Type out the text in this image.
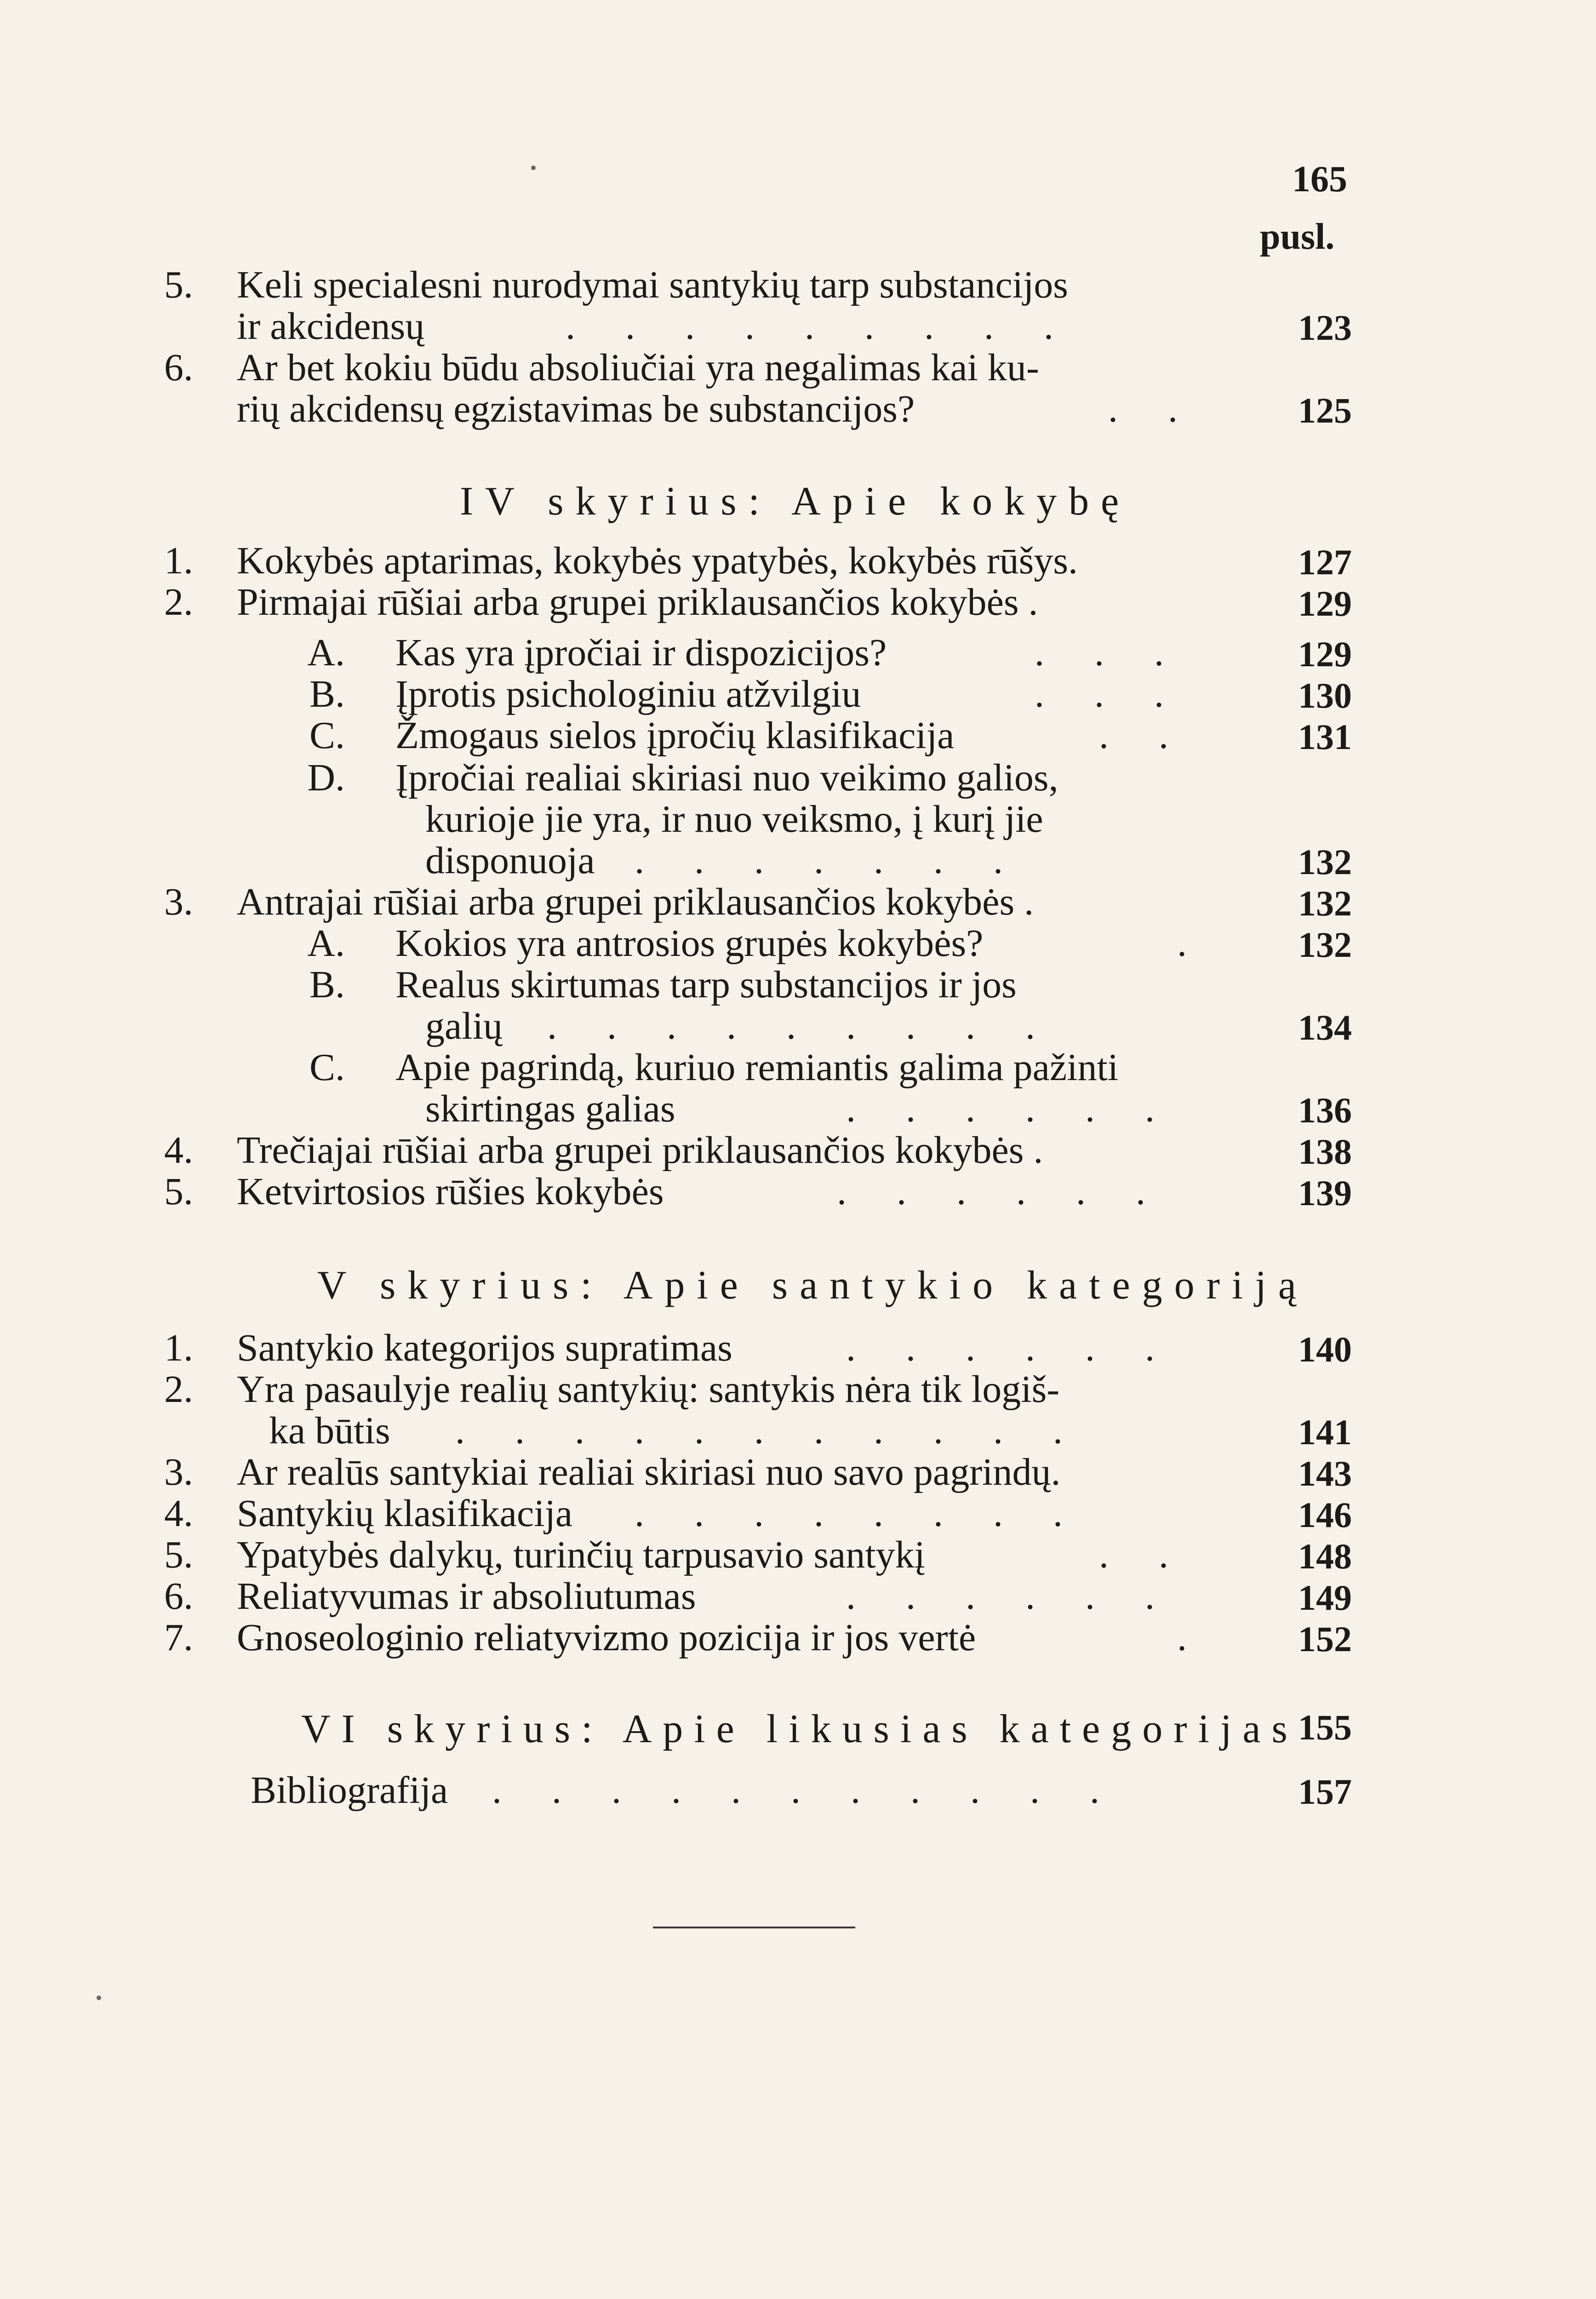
165
pusl.
5. Keli specialesni nurodymai santykių tarp substancijos
ir akcidensų	. . . . . . . . .	123
6. Ar bet kokiu būdu absoliučiai yra negalimas kai ku-
rių akcidensų egzistavimas be substancijos?	. .	125
IV skyrius: Apie kokybę
1. Kokybės aptarimas, kokybės ypatybės, kokybės rūšys.	127
2. Pirmajai rūšiai arba grupei priklausančios kokybės .	129
A. Kas yra įpročiai ir dispozicijos?	. . .	129
B. Įprotis psichologiniu atžvilgiu	. . .	130
C. Žmogaus sielos įpročių klasifikacija	. .	131
D. Įpročiai realiai skiriasi nuo veikimo galios,
kurioje jie yra, ir nuo veiksmo, į kurį jie
disponuoja . . . . . . .	132
3. Antrajai rūšiai arba grupei priklausančios kokybės .	132
A. Kokios yra antrosios grupės kokybės?	.	132
B. Realus skirtumas tarp substancijos ir jos
galių . . . . . . . . .	134
C. Apie pagrindą, kuriuo remiantis galima pažinti
skirtingas galias	. . . . . .	136
4. Trečiajai rūšiai arba grupei priklausančios kokybės .	138
5. Ketvirtosios rūšies kokybės	. . . . . .	139
V skyrius: Apie santykio kategoriją
1. Santykio kategorijos supratimas	. . . . . .	140
2. Yra pasaulyje realių santykių: santykis nėra tik logiš-
ka būtis . . . . . . . . . . .	141
3. Ar realūs santykiai realiai skiriasi nuo savo pagrindų.	143
4. Santykių klasifikacija . . . . . . . .	146
5. Ypatybės dalykų, turinčių tarpusavio santykį	. .	148
6. Reliatyvumas ir absoliutumas	. . . . . .	149
7. Gnoseologinio reliatyvizmo pozicija ir jos vertė	.	152
VI skyrius: Apie likusias kategorijas 155
Bibliografija . . . . . . . . . . .	157
